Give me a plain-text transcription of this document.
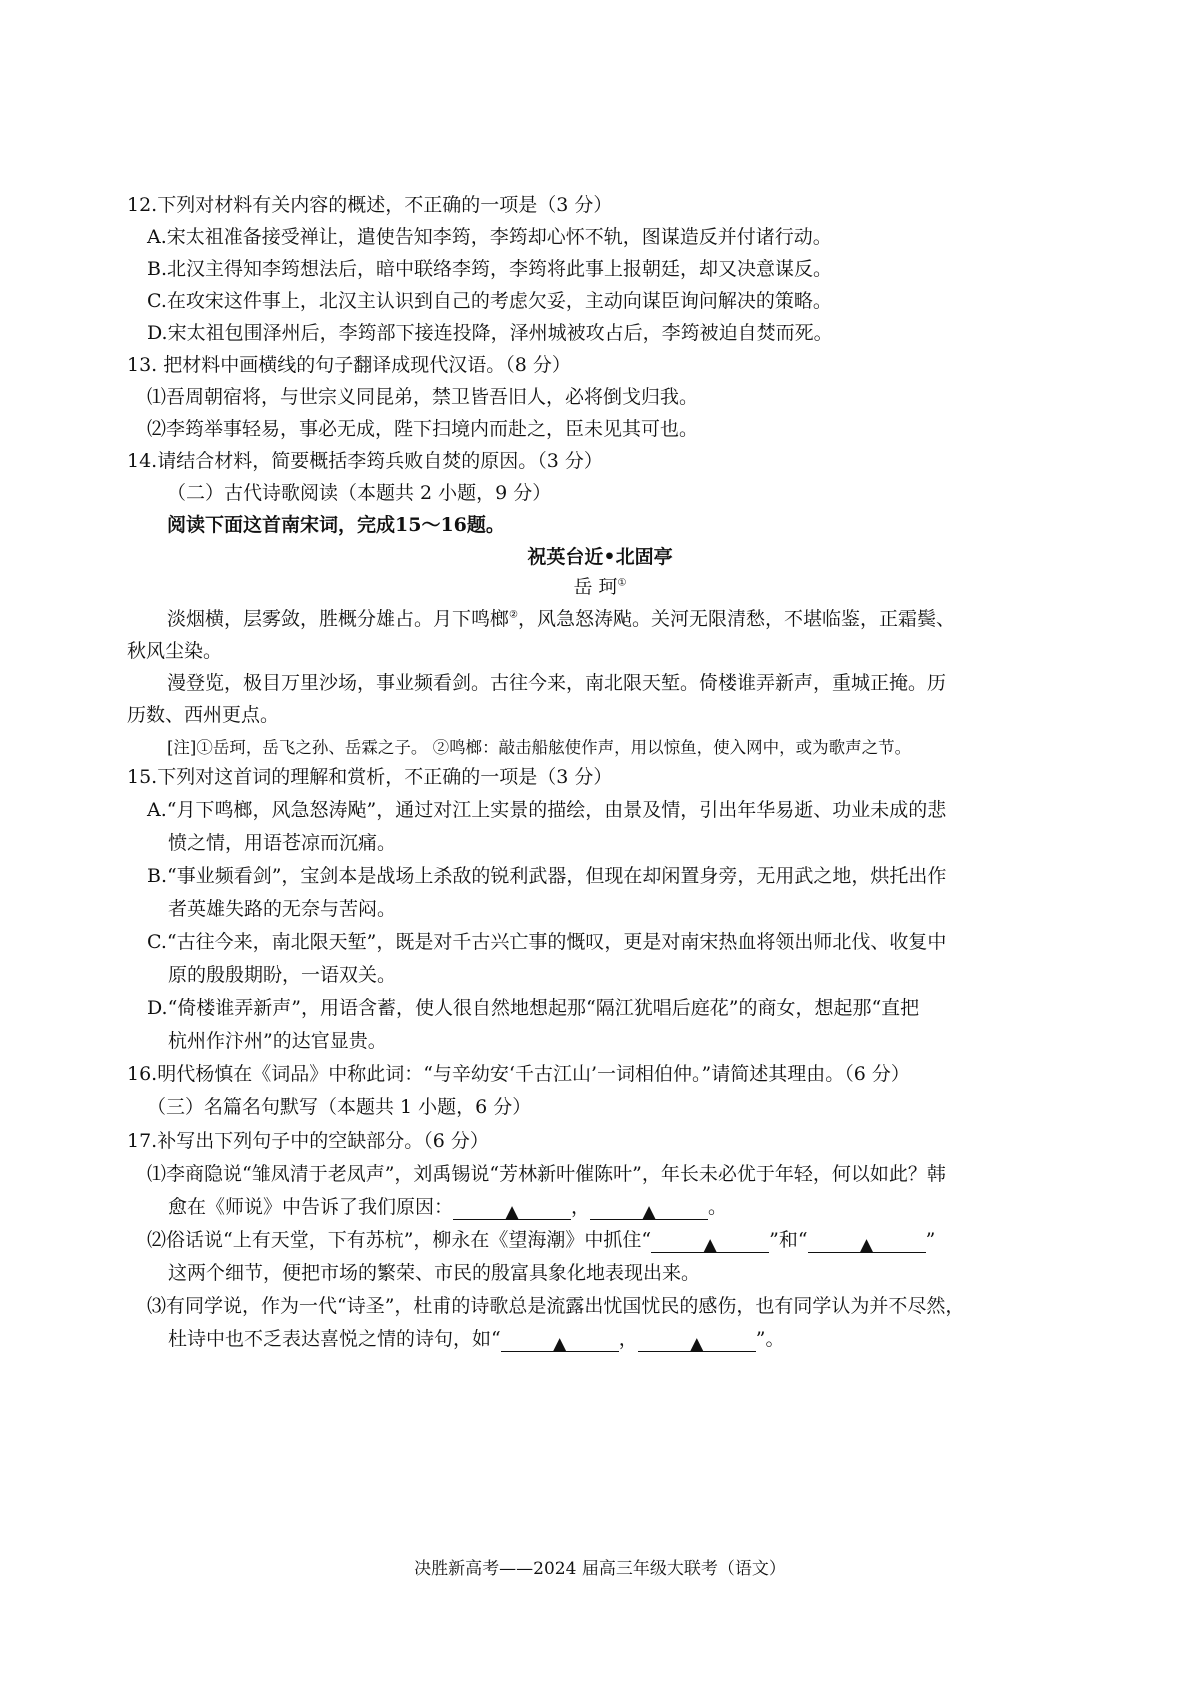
12.下列对材料有关内容的概述，不正确的一项是（3 分）
A.宋太祖准备接受禅让，遣使告知李筠，李筠却心怀不轨，图谋造反并付诸行动。
B.北汉主得知李筠想法后，暗中联络李筠，李筠将此事上报朝廷，却又决意谋反。
C.在攻宋这件事上，北汉主认识到自己的考虑欠妥，主动向谋臣询问解决的策略。
D.宋太祖包围泽州后，李筠部下接连投降，泽州城被攻占后，李筠被迫自焚而死。
13. 把材料中画横线的句子翻译成现代汉语。（8 分）
⑴吾周朝宿将，与世宗义同昆弟，禁卫皆吾旧人，必将倒戈归我。
⑵李筠举事轻易，事必无成，陛下扫境内而赴之，臣未见其可也。
14.请结合材料，简要概括李筠兵败自焚的原因。（3 分）
（二）古代诗歌阅读（本题共 2 小题，9 分）
阅读下面这首南宋词，完成15～16题。
祝英台近•北固亭
岳 珂①
淡烟横，层雾敛，胜概分雄占。月下鸣榔②，风急怒涛飐。关河无限清愁，不堪临鉴，正霜鬓、
秋风尘染。
漫登览，极目万里沙场，事业频看剑。古往今来，南北限天堑。倚楼谁弄新声，重城正掩。历
历数、西州更点。
[注]①岳珂，岳飞之孙、岳霖之子。 ②鸣榔：敲击船舷使作声，用以惊鱼，使入网中，或为歌声之节。
15.下列对这首词的理解和赏析，不正确的一项是（3 分）
A.“月下鸣榔，风急怒涛飐”，通过对江上实景的描绘，由景及情，引出年华易逝、功业未成的悲
愤之情，用语苍凉而沉痛。
B.“事业频看剑”，宝剑本是战场上杀敌的锐利武器，但现在却闲置身旁，无用武之地，烘托出作
者英雄失路的无奈与苦闷。
C.“古往今来，南北限天堑”，既是对千古兴亡事的慨叹，更是对南宋热血将领出师北伐、收复中
原的殷殷期盼，一语双关。
D.“倚楼谁弄新声”，用语含蓄，使人很自然地想起那“隔江犹唱后庭花”的商女，想起那“直把
杭州作汴州”的达官显贵。
16.明代杨慎在《词品》中称此词：“与辛幼安‘千古江山’一词相伯仲。”请简述其理由。（6 分）
（三）名篇名句默写（本题共 1 小题，6 分）
17.补写出下列句子中的空缺部分。（6 分）
⑴李商隐说“雏凤清于老凤声”，刘禹锡说“芳林新叶催陈叶”，年长未必优于年轻，何以如此？韩
愈在《师说》中告诉了我们原因：	▲	，	▲	。
⑵俗话说“上有天堂，下有苏杭”，柳永在《望海潮》中抓住“	▲	”和“	▲	”
这两个细节，便把市场的繁荣、市民的殷富具象化地表现出来。
⑶有同学说，作为一代“诗圣”，杜甫的诗歌总是流露出忧国忧民的感伤，也有同学认为并不尽然，
杜诗中也不乏表达喜悦之情的诗句，如“	▲	，	▲	”。
决胜新高考——2024 届高三年级大联考（语文）
